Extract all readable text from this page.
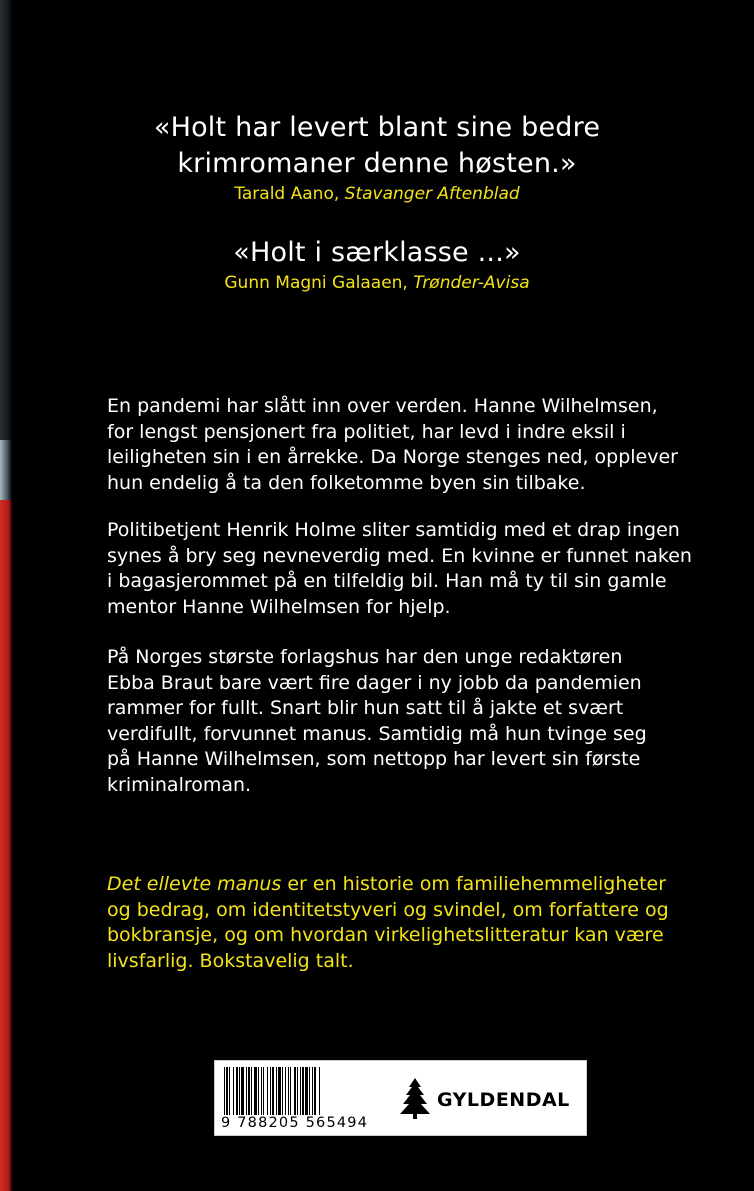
«Holt har levert blant sine bedre
krimromaner denne høsten.»
Tarald Aano, Stavanger Aftenblad
«Holt i særklasse ...»
Gunn Magni Galaaen, Trønder-Avisa
En pandemi har slått inn over verden. Hanne Wilhelmsen,
for lengst pensjonert fra politiet, har levd i indre eksil i
leiligheten sin i en årrekke. Da Norge stenges ned, opplever
hun endelig å ta den folketomme byen sin tilbake.
Politibetjent Henrik Holme sliter samtidig med et drap ingen
synes å bry seg nevneverdig med. En kvinne er funnet naken
i bagasjerommet på en tilfeldig bil. Han må ty til sin gamle
mentor Hanne Wilhelmsen for hjelp.
På Norges største forlagshus har den unge redaktøren
Ebba Braut bare vært fire dager i ny jobb da pandemien
rammer for fullt. Snart blir hun satt til å jakte et svært
verdifullt, forvunnet manus. Samtidig må hun tvinge seg
på Hanne Wilhelmsen, som nettopp har levert sin første
kriminalroman.
Det ellevte manus er en historie om familiehemmeligheter
og bedrag, om identitetstyveri og svindel, om forfattere og
bokbransje, og om hvordan virkelighetslitteratur kan være
livsfarlig. Bokstavelig talt.
9 788205 565494
GYLDENDAL
